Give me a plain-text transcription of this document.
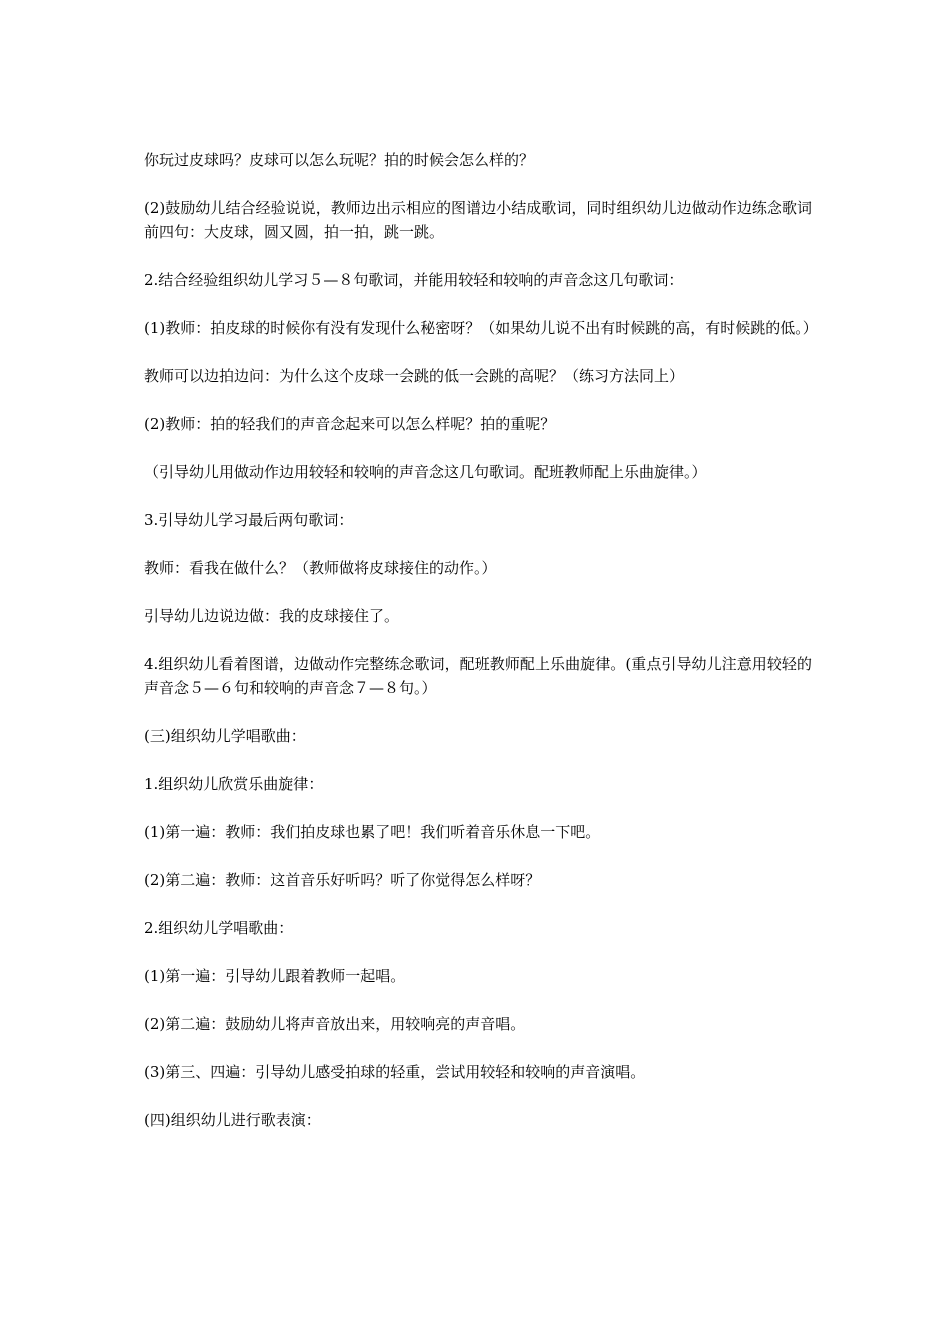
你玩过皮球吗？皮球可以怎么玩呢？拍的时候会怎么样的？

(2)鼓励幼儿结合经验说说，教师边出示相应的图谱边小结成歌词，同时组织幼儿边做动作边练念歌词前四句：大皮球，圆又圆，拍一拍，跳一跳。

2.结合经验组织幼儿学习５—８句歌词，并能用较轻和较响的声音念这几句歌词：

(1)教师：拍皮球的时候你有没有发现什么秘密呀？（如果幼儿说不出有时候跳的高，有时候跳的低。）

教师可以边拍边问：为什么这个皮球一会跳的低一会跳的高呢？（练习方法同上）

(2)教师：拍的轻我们的声音念起来可以怎么样呢？拍的重呢？

（引导幼儿用做动作边用较轻和较响的声音念这几句歌词。配班教师配上乐曲旋律。）

3.引导幼儿学习最后两句歌词：

教师：看我在做什么？（教师做将皮球接住的动作。）

引导幼儿边说边做：我的皮球接住了。

4.组织幼儿看着图谱，边做动作完整练念歌词，配班教师配上乐曲旋律。(重点引导幼儿注意用较轻的声音念５—６句和较响的声音念７—８句。）

(三)组织幼儿学唱歌曲：

1.组织幼儿欣赏乐曲旋律：

(1)第一遍：教师：我们拍皮球也累了吧！我们听着音乐休息一下吧。

(2)第二遍：教师：这首音乐好听吗？听了你觉得怎么样呀？

2.组织幼儿学唱歌曲：

(1)第一遍：引导幼儿跟着教师一起唱。

(2)第二遍：鼓励幼儿将声音放出来，用较响亮的声音唱。

(3)第三、四遍：引导幼儿感受拍球的轻重，尝试用较轻和较响的声音演唱。

(四)组织幼儿进行歌表演：
